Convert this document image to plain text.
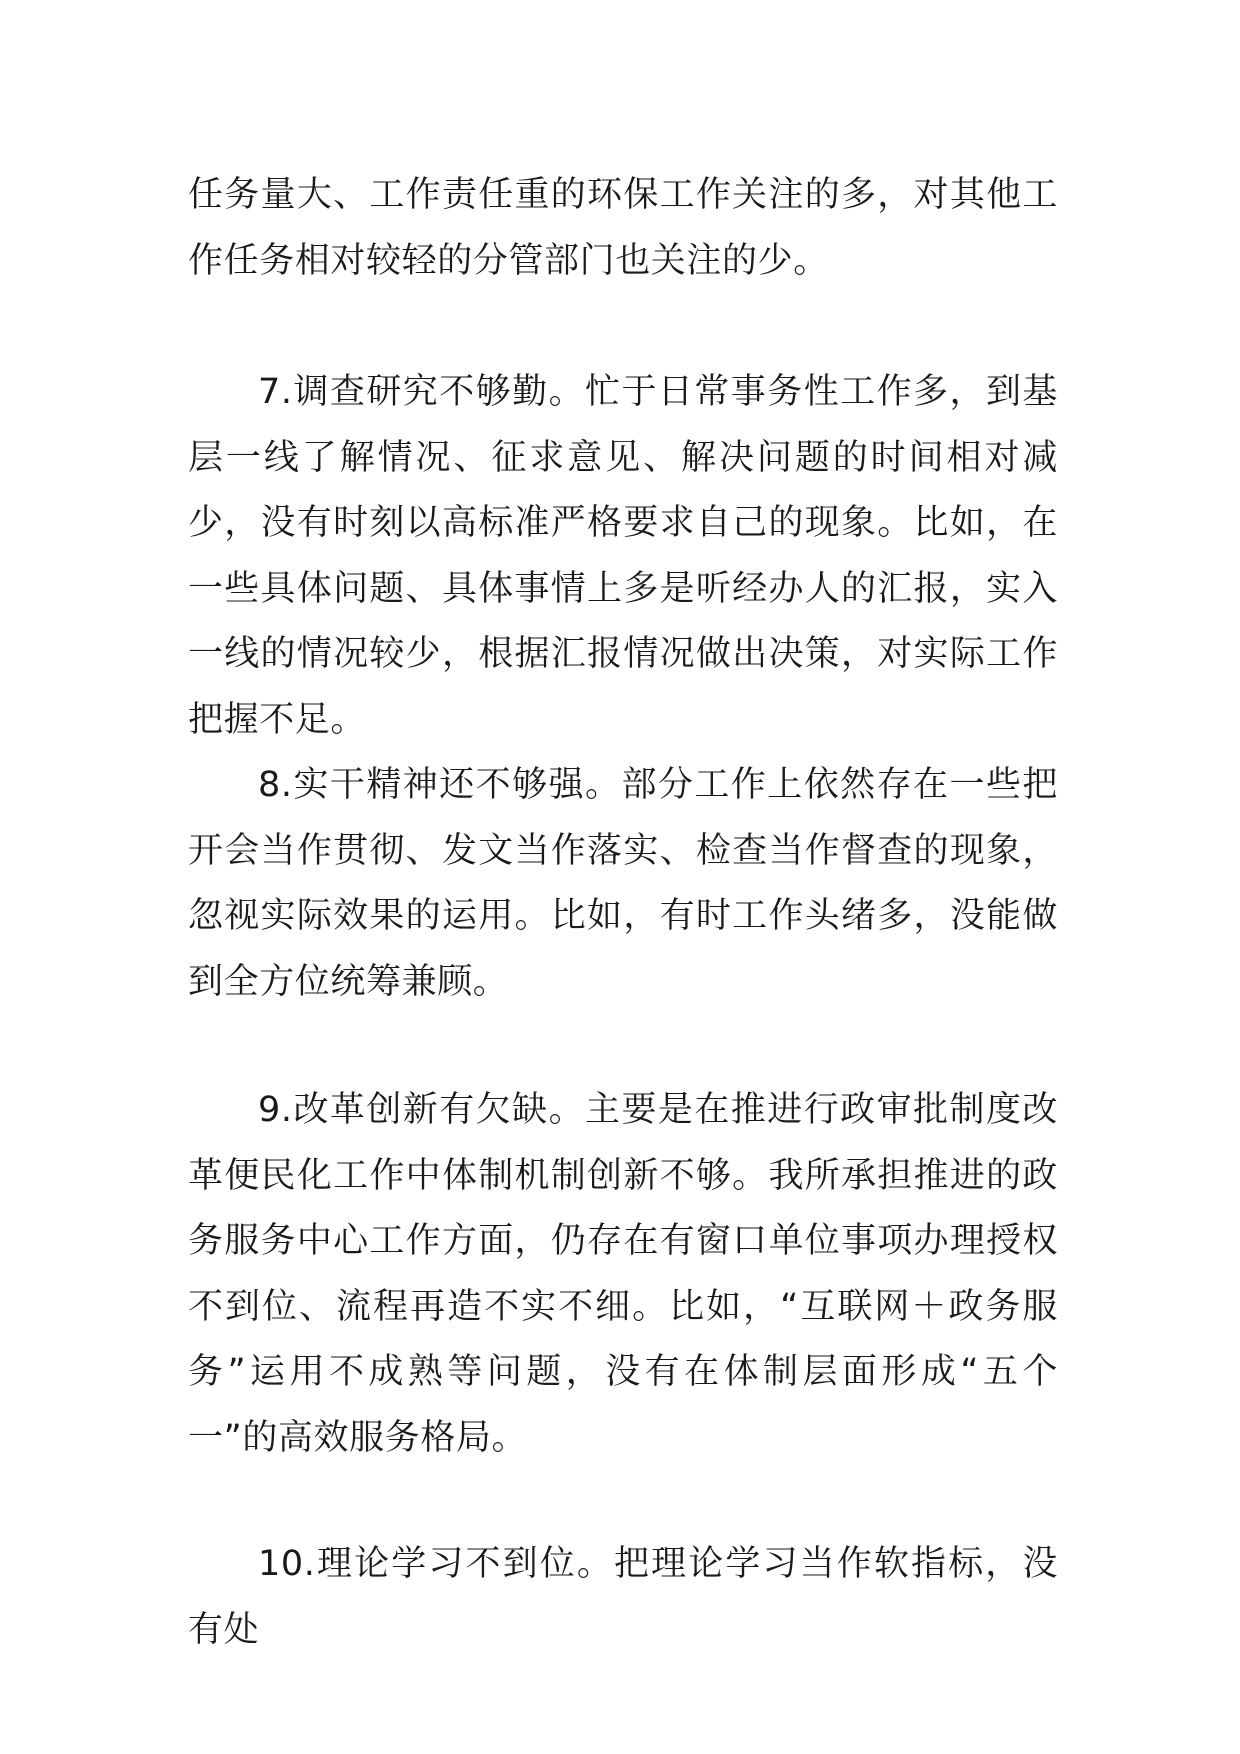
任务量大、工作责任重的环保工作关注的多，对其他工作任务相对较轻的分管部门也关注的少。

7.调查研究不够勤。忙于日常事务性工作多，到基层一线了解情况、征求意见、解决问题的时间相对减少，没有时刻以高标准严格要求自己的现象。比如，在一些具体问题、具体事情上多是听经办人的汇报，实入一线的情况较少，根据汇报情况做出决策，对实际工作把握不足。

8.实干精神还不够强。部分工作上依然存在一些把开会当作贯彻、发文当作落实、检查当作督查的现象，忽视实际效果的运用。比如，有时工作头绪多，没能做到全方位统筹兼顾。

9.改革创新有欠缺。主要是在推进行政审批制度改革便民化工作中体制机制创新不够。我所承担推进的政务服务中心工作方面，仍存在有窗口单位事项办理授权不到位、流程再造不实不细。比如，“互联网＋政务服务”运用不成熟等问题，没有在体制层面形成“五个一”的高效服务格局。

10.理论学习不到位。把理论学习当作软指标，没有处
